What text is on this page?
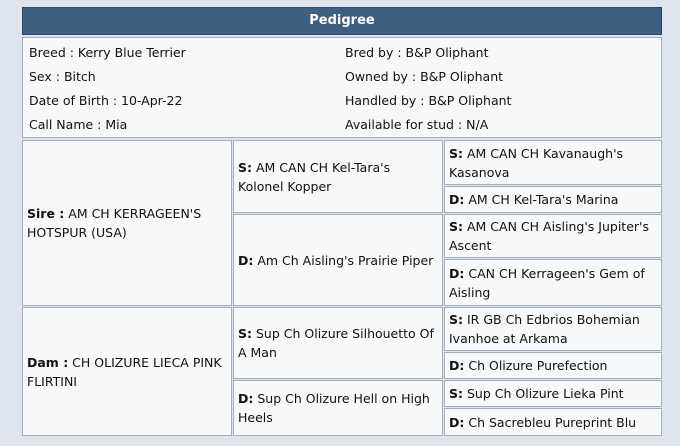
Pedigree
Breed : Kerry Blue Terrier
Sex : Bitch
Date of Birth : 10-Apr-22
Call Name : Mia
Bred by : B&P Oliphant
Owned by : B&P Oliphant
Handled by : B&P Oliphant
Available for stud : N/A
Sire : AM CH KERRAGEEN'S HOTSPUR (USA)
Dam : CH OLIZURE LIECA PINK FLIRTINI
S: AM CAN CH Kel-Tara's Kolonel Kopper
D: Am Ch Aisling's Prairie Piper
S: Sup Ch Olizure Silhouetto Of A Man
D: Sup Ch Olizure Hell on High Heels
S: AM CAN CH Kavanaugh's Kasanova
D: AM CH Kel-Tara's Marina
S: AM CAN CH Aisling's Jupiter's Ascent
D: CAN CH Kerrageen's Gem of Aisling
S: IR GB Ch Edbrios Bohemian Ivanhoe at Arkama
D: Ch Olizure Purefection
S: Sup Ch Olizure Lieka Pint
D: Ch Sacrebleu Pureprint Blu
